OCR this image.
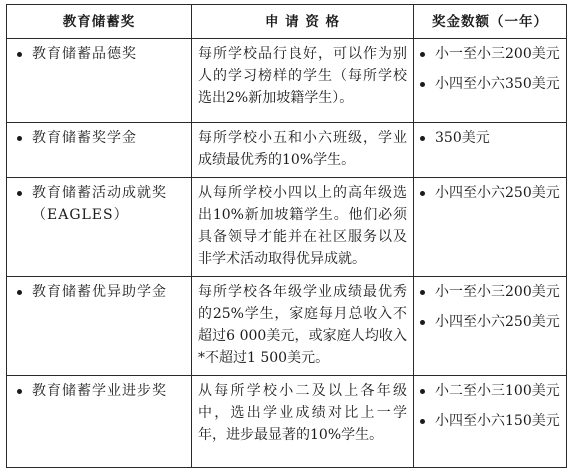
教育储蓄奖	申 请 资 格	奖金数额（一年）

教育储蓄品德奖	每所学校品行良好，可以作为别人的学习榜样的学生（每所学校选出2%新加坡籍学生）。	小一至小三200美元
小四至小六350美元

教育储蓄奖学金	每所学校小五和小六班级，学业成绩最优秀的10%学生。	350美元

教育储蓄活动成就奖（EAGLES）	从每所学校小四以上的高年级选出10%新加坡籍学生。他们必须具备领导才能并在社区服务以及非学术活动取得优异成就。	小四至小六250美元

教育储蓄优异助学金	每所学校各年级学业成绩最优秀的25%学生，家庭每月总收入不超过6 000美元，或家庭人均收入*不超过1 500美元。	小一至小三200美元
小四至小六250美元

教育储蓄学业进步奖	从每所学校小二及以上各年级中，选出学业成绩对比上一学年，进步最显著的10%学生。	小二至小三100美元
小四至小六150美元
